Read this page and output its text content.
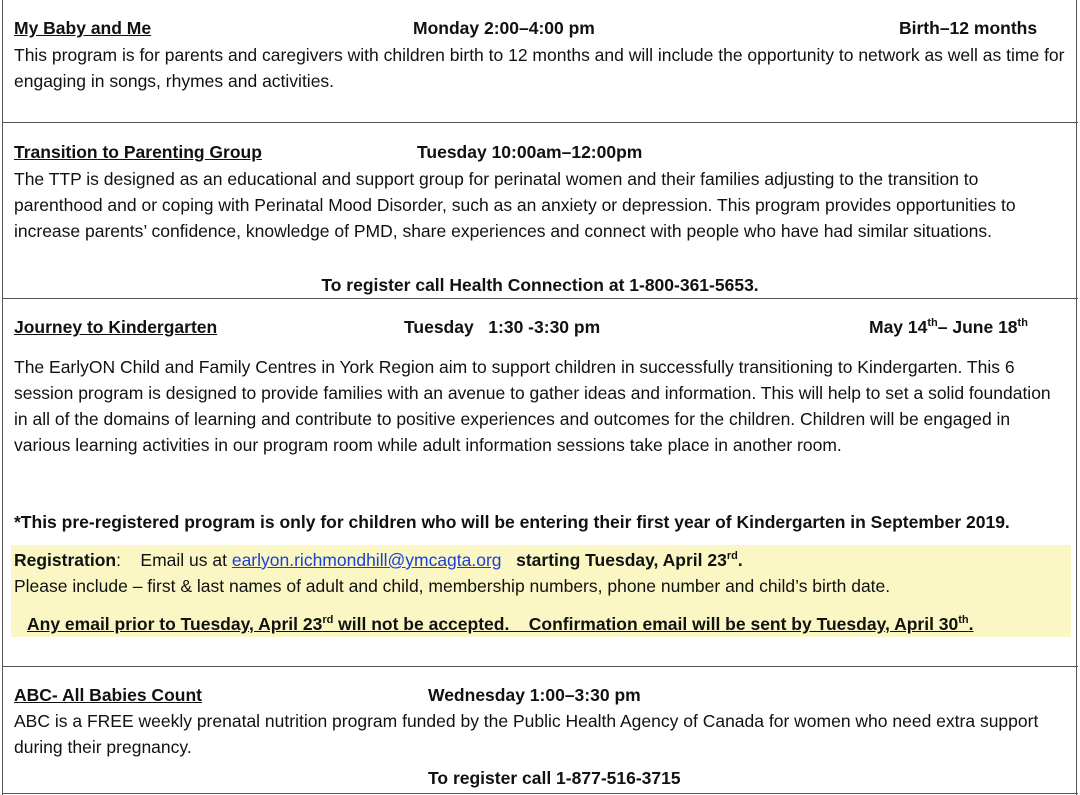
My Baby and Me	Monday 2:00–4:00 pm	Birth–12 months
This program is for parents and caregivers with children birth to 12 months and will include the opportunity to network as well as time for engaging in songs, rhymes and activities.
Transition to Parenting Group	Tuesday 10:00am–12:00pm
The TTP is designed as an educational and support group for perinatal women and their families adjusting to the transition to parenthood and or coping with Perinatal Mood Disorder, such as an anxiety or depression. This program provides opportunities to increase parents’ confidence, knowledge of PMD, share experiences and connect with people who have had similar situations.
To register call Health Connection at 1-800-361-5653.
Journey to Kindergarten	Tuesday   1:30 -3:30 pm	May 14th– June 18th
The EarlyON Child and Family Centres in York Region aim to support children in successfully transitioning to Kindergarten. This 6 session program is designed to provide families with an avenue to gather ideas and information. This will help to set a solid foundation in all of the domains of learning and contribute to positive experiences and outcomes for the children. Children will be engaged in various learning activities in our program room while adult information sessions take place in another room.
*This pre-registered program is only for children who will be entering their first year of Kindergarten in September 2019.
Registration:    Email us at earlyon.richmondhill@ymcagta.org starting Tuesday, April 23rd.
Please include – first & last names of adult and child, membership numbers, phone number and child’s birth date.
Any email prior to Tuesday, April 23rd will not be accepted.    Confirmation email will be sent by Tuesday, April 30th.
ABC- All Babies Count	Wednesday 1:00–3:30 pm
ABC is a FREE weekly prenatal nutrition program funded by the Public Health Agency of Canada for women who need extra support during their pregnancy.
To register call 1-877-516-3715
